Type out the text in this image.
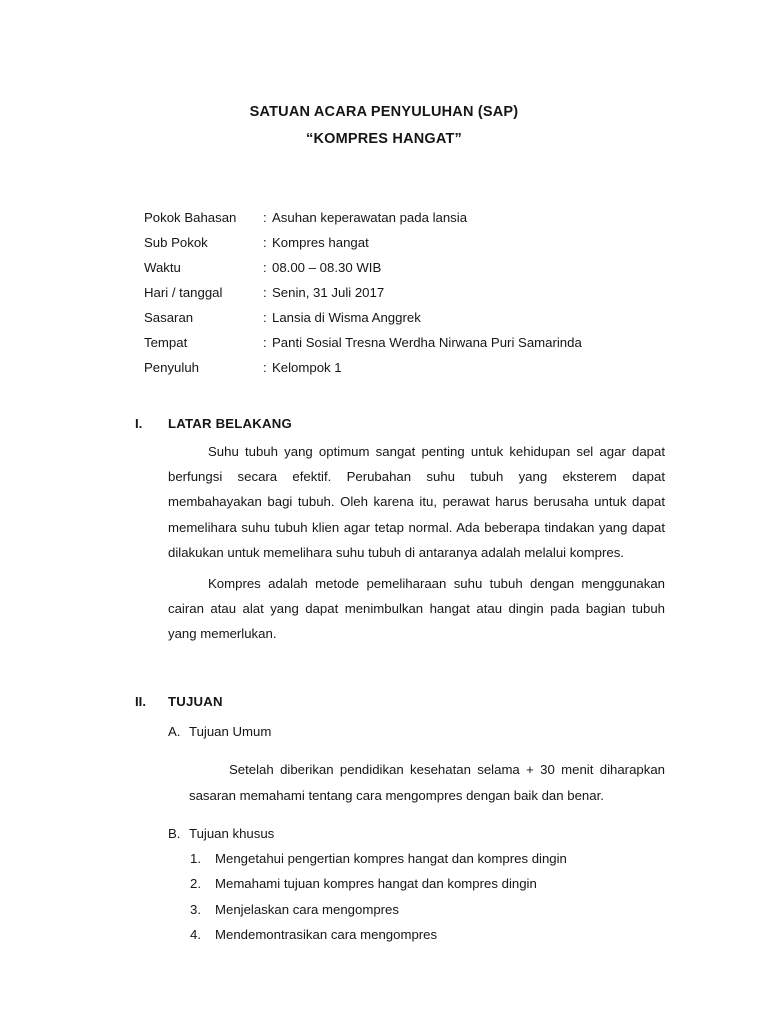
SATUAN ACARA PENYULUHAN (SAP)
“KOMPRES HANGAT”
Pokok Bahasan	: Asuhan keperawatan pada lansia
Sub Pokok	: Kompres hangat
Waktu	: 08.00 – 08.30 WIB
Hari / tanggal	: Senin, 31 Juli 2017
Sasaran	: Lansia di Wisma Anggrek
Tempat	: Panti Sosial Tresna Werdha Nirwana Puri Samarinda
Penyuluh	: Kelompok 1
I.	LATAR BELAKANG

Suhu tubuh yang optimum sangat penting untuk kehidupan sel agar dapat berfungsi secara efektif. Perubahan suhu tubuh yang eksterem dapat membahayakan bagi tubuh. Oleh karena itu, perawat harus berusaha untuk dapat memelihara suhu tubuh klien agar tetap normal. Ada beberapa tindakan yang dapat dilakukan untuk memelihara suhu tubuh di antaranya adalah melalui kompres.

Kompres adalah metode pemeliharaan suhu tubuh dengan menggunakan cairan atau alat yang dapat menimbulkan hangat atau dingin pada bagian tubuh yang memerlukan.

II.	TUJUAN
A. Tujuan Umum

Setelah diberikan pendidikan kesehatan selama + 30 menit diharapkan sasaran memahami tentang cara mengompres dengan baik dan benar.

B. Tujuan khusus
1.	Mengetahui pengertian kompres hangat dan kompres dingin
2.	Memahami tujuan kompres hangat dan kompres dingin
3.	Menjelaskan cara mengompres
4.	Mendemontrasikan cara mengompres
